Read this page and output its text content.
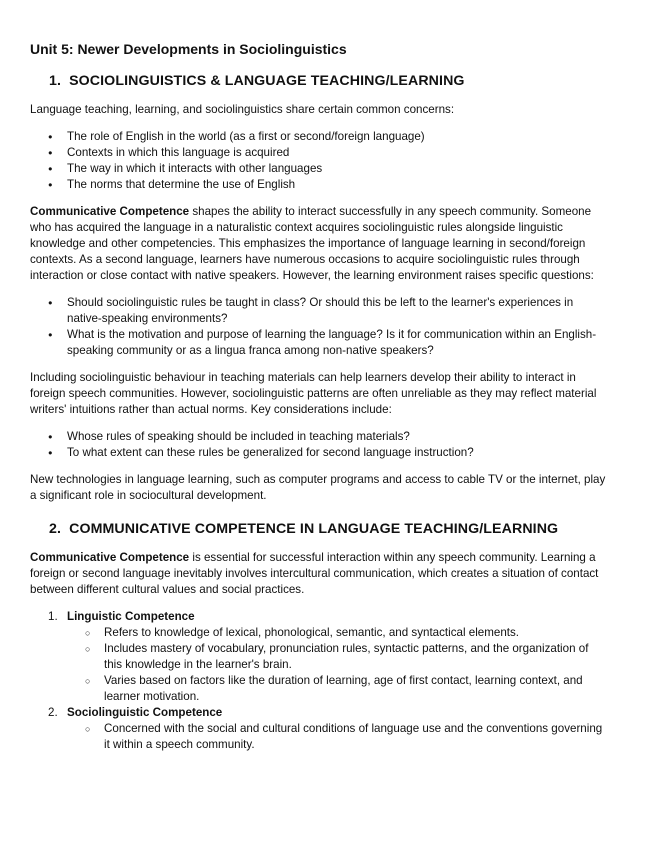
Unit 5: Newer Developments in Sociolinguistics
1. SOCIOLINGUISTICS & LANGUAGE TEACHING/LEARNING

Language teaching, learning, and sociolinguistics share certain common concerns:

● The role of English in the world (as a first or second/foreign language)
● Contexts in which this language is acquired
● The way in which it interacts with other languages
● The norms that determine the use of English

Communicative Competence shapes the ability to interact successfully in any speech community. Someone who has acquired the language in a naturalistic context acquires sociolinguistic rules alongside linguistic knowledge and other competencies. This emphasizes the importance of language learning in second/foreign contexts. As a second language, learners have numerous occasions to acquire sociolinguistic rules through interaction or close contact with native speakers. However, the learning environment raises specific questions:

● Should sociolinguistic rules be taught in class? Or should this be left to the learner's experiences in native-speaking environments?
● What is the motivation and purpose of learning the language? Is it for communication within an English-speaking community or as a lingua franca among non-native speakers?

Including sociolinguistic behaviour in teaching materials can help learners develop their ability to interact in foreign speech communities. However, sociolinguistic patterns are often unreliable as they may reflect material writers' intuitions rather than actual norms. Key considerations include:

● Whose rules of speaking should be included in teaching materials?
● To what extent can these rules be generalized for second language instruction?

New technologies in language learning, such as computer programs and access to cable TV or the internet, play a significant role in sociocultural development.

2. COMMUNICATIVE COMPETENCE IN LANGUAGE TEACHING/LEARNING

Communicative Competence is essential for successful interaction within any speech community. Learning a foreign or second language inevitably involves intercultural communication, which creates a situation of contact between different cultural values and social practices.

1. Linguistic Competence
○ Refers to knowledge of lexical, phonological, semantic, and syntactical elements.
○ Includes mastery of vocabulary, pronunciation rules, syntactic patterns, and the organization of this knowledge in the learner's brain.
○ Varies based on factors like the duration of learning, age of first contact, learning context, and learner motivation.
2. Sociolinguistic Competence
○ Concerned with the social and cultural conditions of language use and the conventions governing it within a speech community.
